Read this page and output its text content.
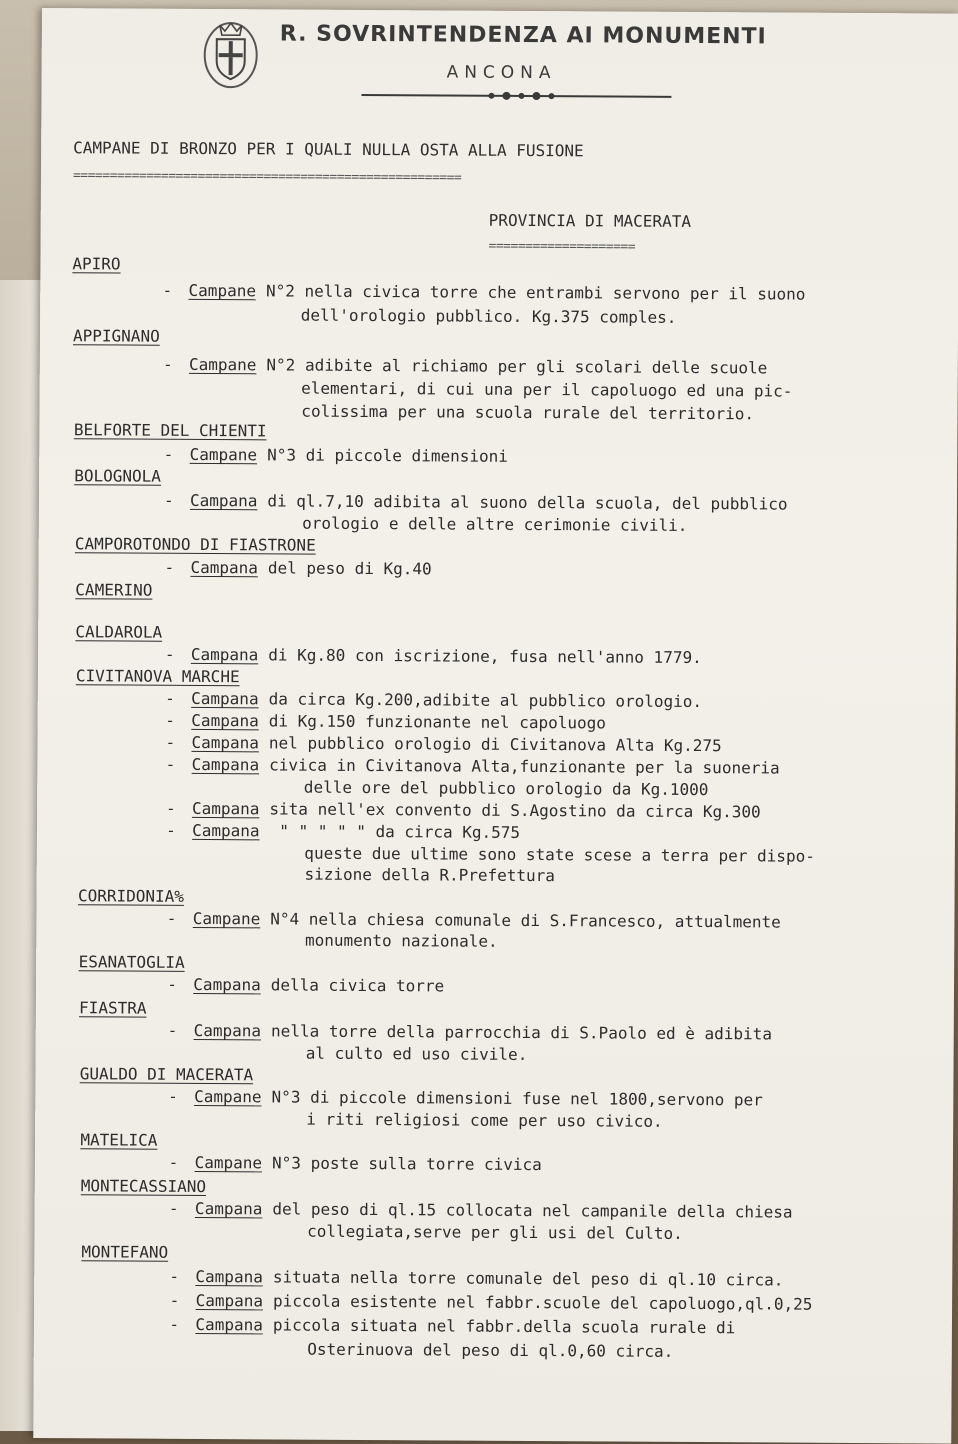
R. SOVRINTENDENZA AI MONUMENTI
ANCONA
CAMPANE DI BRONZO PER I QUALI NULLA OSTA ALLA FUSIONE
=====================================================
PROVINCIA DI MACERATA
====================
APIRO
- Campane N°2 nella civica torre che entrambi servono per il suono
dell'orologio pubblico. Kg.375 comples.
APPIGNANO
- Campane N°2 adibite al richiamo per gli scolari delle scuole
elementari, di cui una per il capoluogo ed una pic-
colissima per una scuola rurale del territorio.
BELFORTE DEL CHIENTI
- Campane N°3 di piccole dimensioni
BOLOGNOLA
- Campana di ql.7,10 adibita al suono della scuola, del pubblico
orologio e delle altre cerimonie civili.
CAMPOROTONDO DI FIASTRONE
- Campana del peso di Kg.40
CAMERINO
CALDAROLA
- Campana di Kg.80 con iscrizione, fusa nell'anno 1779.
CIVITANOVA MARCHE
- Campana da circa Kg.200,adibite al pubblico orologio.
- Campana di Kg.150 funzionante nel capoluogo
- Campana nel pubblico orologio di Civitanova Alta Kg.275
- Campana civica in Civitanova Alta,funzionante per la suoneria
delle ore del pubblico orologio da Kg.1000
- Campana sita nell'ex convento di S.Agostino da circa Kg.300
- Campana " " " " " da circa Kg.575
queste due ultime sono state scese a terra per dispo-
sizione della R.Prefettura
CORRIDONIA%
- Campane N°4 nella chiesa comunale di S.Francesco, attualmente
monumento nazionale.
ESANATOGLIA
- Campana della civica torre
FIASTRA
- Campana nella torre della parrocchia di S.Paolo ed è adibita
al culto ed uso civile.
GUALDO DI MACERATA
- Campane N°3 di piccole dimensioni fuse nel 1800,servono per
i riti religiosi come per uso civico.
MATELICA
- Campane N°3 poste sulla torre civica
MONTECASSIANO
- Campana del peso di ql.15 collocata nel campanile della chiesa
collegiata,serve per gli usi del Culto.
MONTEFANO
- Campana situata nella torre comunale del peso di ql.10 circa.
- Campana piccola esistente nel fabbr.scuole del capoluogo,ql.0,25
- Campana piccola situata nel fabbr.della scuola rurale di
Osterinuova del peso di ql.0,60 circa.
